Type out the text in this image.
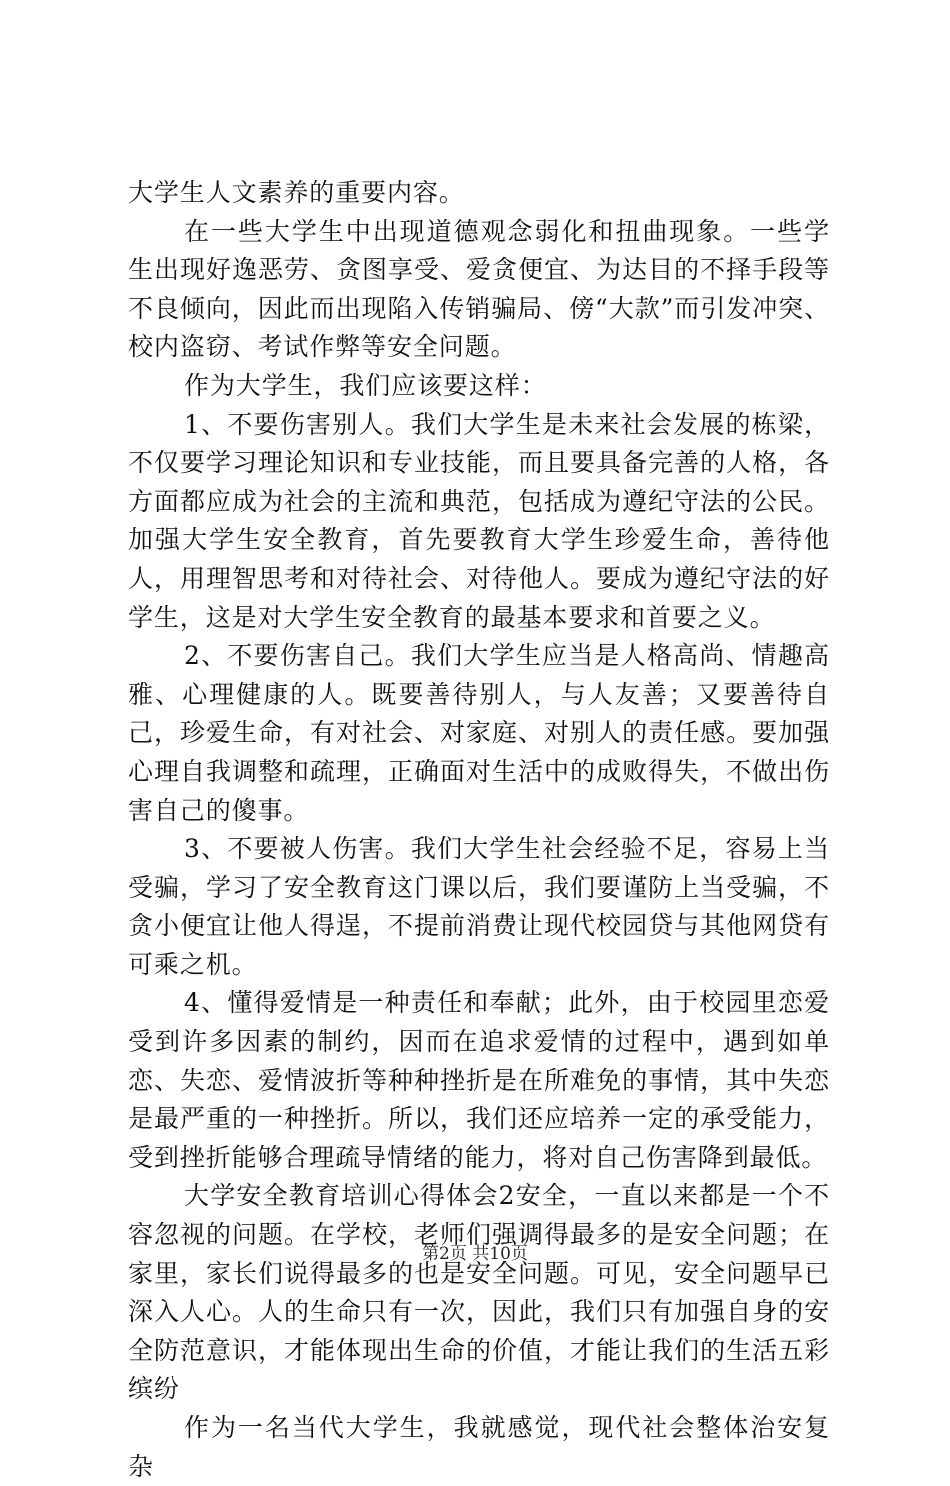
大学生人文素养的重要内容。

在一些大学生中出现道德观念弱化和扭曲现象。一些学生出现好逸恶劳、贪图享受、爱贪便宜、为达目的不择手段等不良倾向，因此而出现陷入传销骗局、傍“大款”而引发冲突、校内盗窃、考试作弊等安全问题。

作为大学生，我们应该要这样：

1、不要伤害别人。我们大学生是未来社会发展的栋梁，不仅要学习理论知识和专业技能，而且要具备完善的人格，各方面都应成为社会的主流和典范，包括成为遵纪守法的公民。加强大学生安全教育，首先要教育大学生珍爱生命，善待他人，用理智思考和对待社会、对待他人。要成为遵纪守法的好学生，这是对大学生安全教育的最基本要求和首要之义。

2、不要伤害自己。我们大学生应当是人格高尚、情趣高雅、心理健康的人。既要善待别人，与人友善；又要善待自己，珍爱生命，有对社会、对家庭、对别人的责任感。要加强心理自我调整和疏理，正确面对生活中的成败得失，不做出伤害自己的傻事。

3、不要被人伤害。我们大学生社会经验不足，容易上当受骗，学习了安全教育这门课以后，我们要谨防上当受骗，不贪小便宜让他人得逞，不提前消费让现代校园贷与其他网贷有可乘之机。

4、懂得爱情是一种责任和奉献；此外，由于校园里恋爱受到许多因素的制约，因而在追求爱情的过程中，遇到如单恋、失恋、爱情波折等种种挫折是在所难免的事情，其中失恋是最严重的一种挫折。所以，我们还应培养一定的承受能力，受到挫折能够合理疏导情绪的能力，将对自己伤害降到最低。

大学安全教育培训心得体会2安全，一直以来都是一个不容忽视的问题。在学校，老师们强调得最多的是安全问题；在家里，家长们说得最多的也是安全问题。可见，安全问题早已深入人心。人的生命只有一次，因此，我们只有加强自身的安全防范意识，才能体现出生命的价值，才能让我们的生活五彩缤纷

作为一名当代大学生，我就感觉，现代社会整体治安复杂

第2页 共10页
